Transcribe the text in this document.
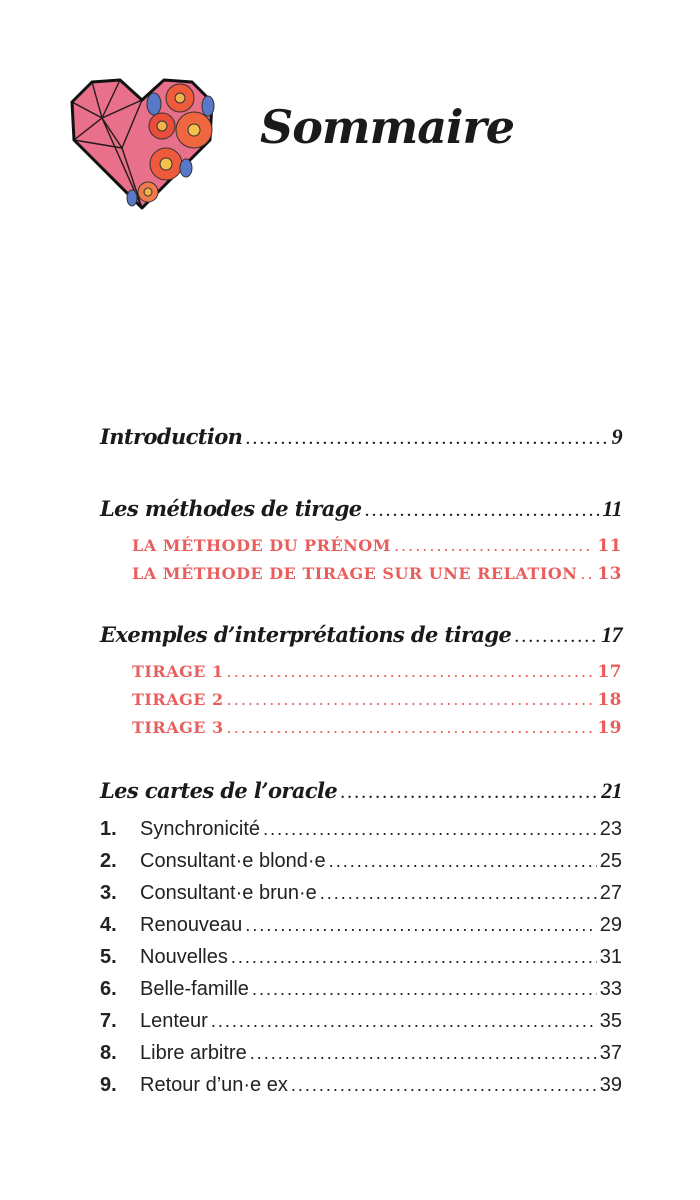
Sommaire
Introduction .....	9
Les méthodes de tirage .....	11
LA MÉTHODE DU PRÉNOM .....	11
LA MÉTHODE DE TIRAGE SUR UNE RELATION ..... 13
Exemples d’interprétations de tirage .....	17
TIRAGE 1 .....	17
TIRAGE 2 .....	18
TIRAGE 3 .....	19
Les cartes de l’oracle .....	21
1.	Synchronicité .....	23
2.	Consultant·e blond·e .....	25
3.	Consultant·e brun·e .....	27
4.	Renouveau .....	29
5.	Nouvelles .....	31
6.	Belle-famille .....	33
7.	Lenteur .....	35
8.	Libre arbitre .....	37
9.	Retour d’un·e ex .....	39
